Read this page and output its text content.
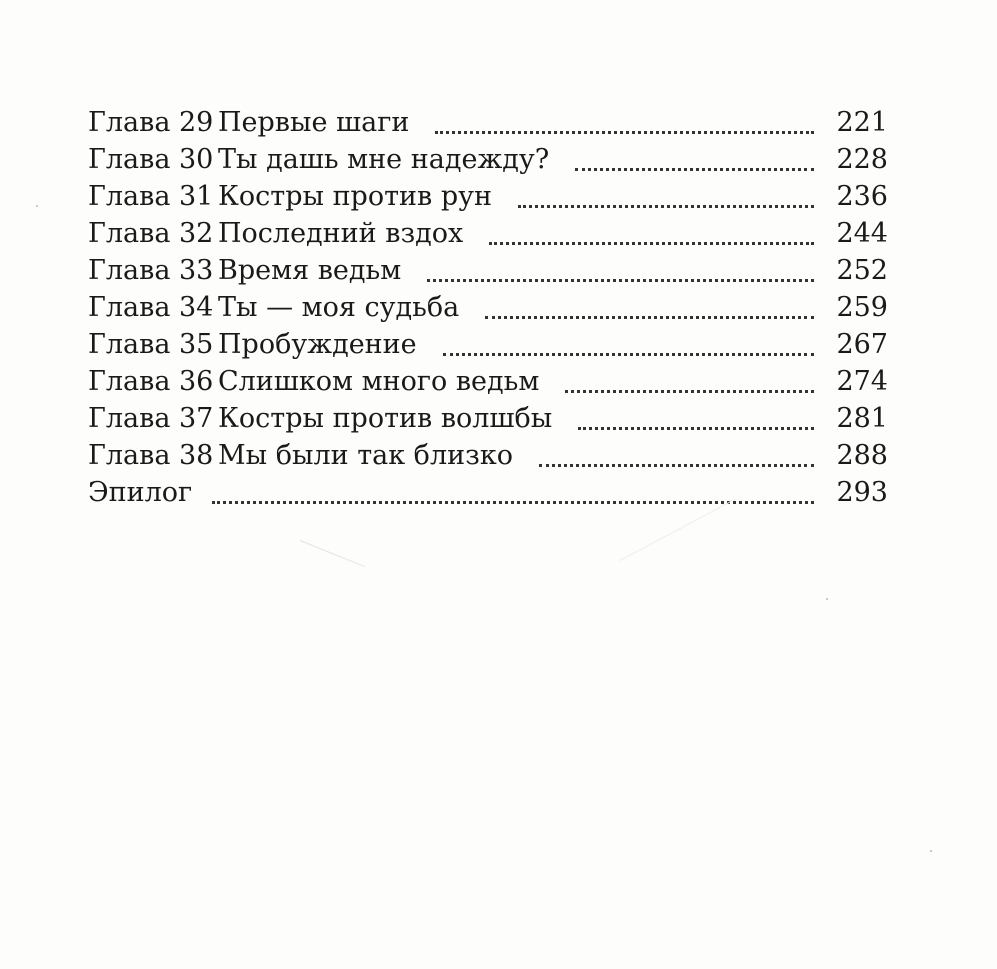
Глава 29 Первые шаги	221
Глава 30 Ты дашь мне надежду?	228
Глава 31 Костры против рун	236
Глава 32 Последний вздох	244
Глава 33 Время ведьм	252
Глава 34 Ты — моя судьба	259
Глава 35 Пробуждение	267
Глава 36 Слишком много ведьм	274
Глава 37 Костры против волшбы	281
Глава 38 Мы были так близко	288
Эпилог	293
